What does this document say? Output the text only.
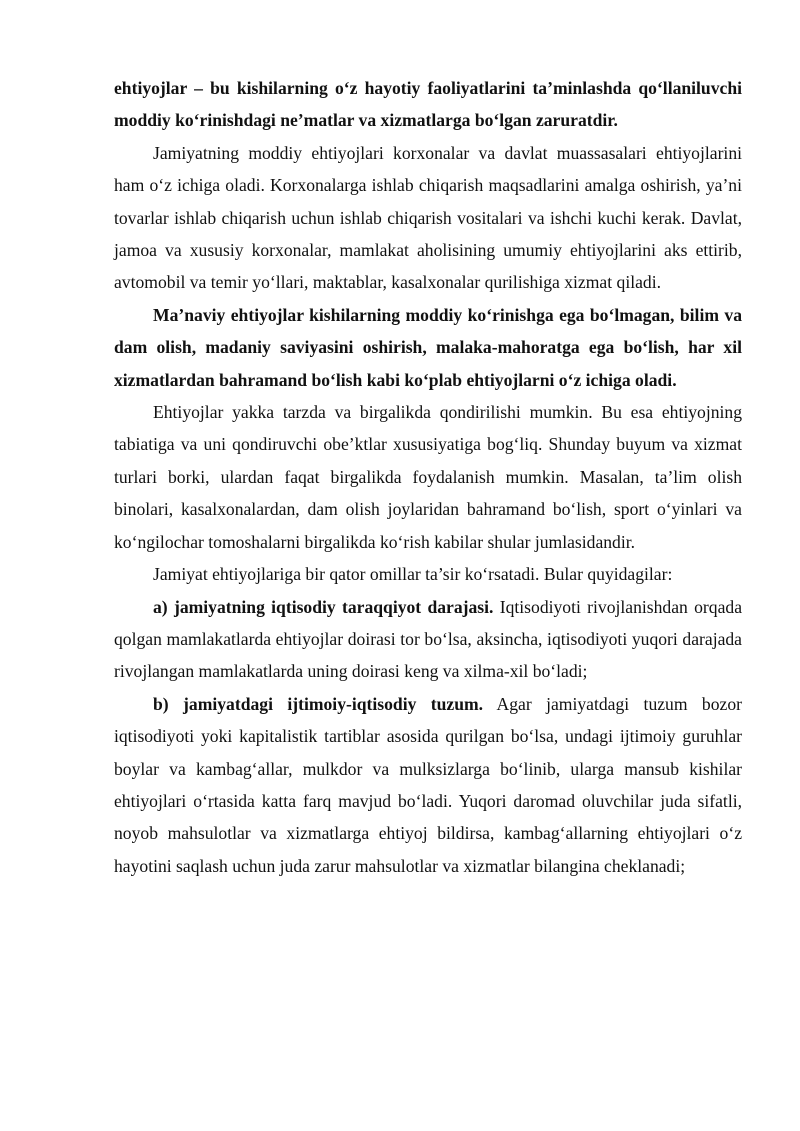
ehtiyojlar – bu kishilarning o‘z hayotiy faoliyatlarini ta’minlashda qo‘llaniluvchi moddiy ko‘rinishdagi ne’matlar va xizmatlarga bo‘lgan zaruratdir.

Jamiyatning moddiy ehtiyojlari korxonalar va davlat muassasalari ehtiyojlarini ham o‘z ichiga oladi. Korxonalarga ishlab chiqarish maqsadlarini amalga oshirish, ya’ni tovarlar ishlab chiqarish uchun ishlab chiqarish vositalari va ishchi kuchi kerak. Davlat, jamoa va xususiy korxonalar, mamlakat aholisining umumiy ehtiyojlarini aks ettirib, avtomobil va temir yo‘llari, maktablar, kasalxonalar qurilishiga xizmat qiladi.

Ma’naviy ehtiyojlar kishilarning moddiy ko‘rinishga ega bo‘lmagan, bilim va dam olish, madaniy saviyasini oshirish, malaka-mahoratga ega bo‘lish, har xil xizmatlardan bahramand bo‘lish kabi ko‘plab ehtiyojlarni o‘z ichiga oladi.

Ehtiyojlar yakka tarzda va birgalikda qondirilishi mumkin. Bu esa ehtiyojning tabiatiga va uni qondiruvchi obe’ktlar xususiyatiga bog‘liq. Shunday buyum va xizmat turlari borki, ulardan faqat birgalikda foydalanish mumkin. Masalan, ta’lim olish binolari, kasalxonalardan, dam olish joylaridan bahramand bo‘lish, sport o‘yinlari va ko‘ngilochar tomoshalarni birgalikda ko‘rish kabilar shular jumlasidandir.

Jamiyat ehtiyojlariga bir qator omillar ta’sir ko‘rsatadi. Bular quyidagilar:

a) jamiyatning iqtisodiy taraqqiyot darajasi. Iqtisodiyoti rivojlanishdan orqada qolgan mamlakatlarda ehtiyojlar doirasi tor bo‘lsa, aksincha, iqtisodiyoti yuqori darajada rivojlangan mamlakatlarda uning doirasi keng va xilma-xil bo‘ladi;

b) jamiyatdagi ijtimoiy-iqtisodiy tuzum. Agar jamiyatdagi tuzum bozor iqtisodiyoti yoki kapitalistik tartiblar asosida qurilgan bo‘lsa, undagi ijtimoiy guruhlar boylar va kambag‘allar, mulkdor va mulksizlarga bo‘linib, ularga mansub kishilar ehtiyojlari o‘rtasida katta farq mavjud bo‘ladi. Yuqori daromad oluvchilar juda sifatli, noyob mahsulotlar va xizmatlarga ehtiyoj bildirsa, kambag‘allarning ehtiyojlari o‘z hayotini saqlash uchun juda zarur mahsulotlar va xizmatlar bilangina cheklanadi;
